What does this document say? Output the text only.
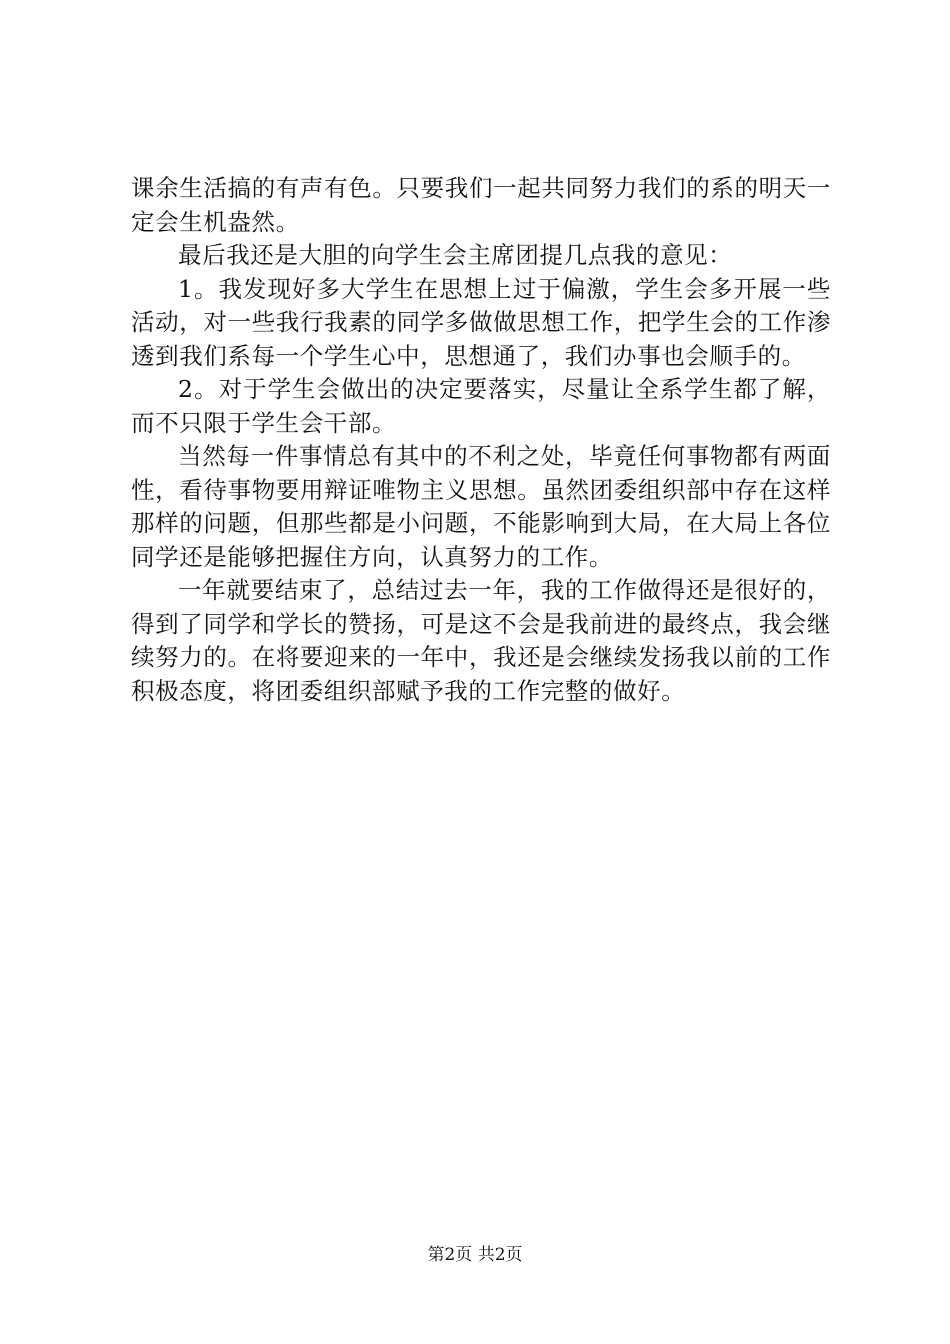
课余生活搞的有声有色。只要我们一起共同努力我们的系的明天一定会生机盎然。

最后我还是大胆的向学生会主席团提几点我的意见：

1。我发现好多大学生在思想上过于偏激，学生会多开展一些活动，对一些我行我素的同学多做做思想工作，把学生会的工作渗透到我们系每一个学生心中，思想通了，我们办事也会顺手的。

2。对于学生会做出的决定要落实，尽量让全系学生都了解，而不只限于学生会干部。

当然每一件事情总有其中的不利之处，毕竟任何事物都有两面性，看待事物要用辩证唯物主义思想。虽然团委组织部中存在这样那样的问题，但那些都是小问题，不能影响到大局，在大局上各位同学还是能够把握住方向，认真努力的工作。

一年就要结束了，总结过去一年，我的工作做得还是很好的，得到了同学和学长的赞扬，可是这不会是我前进的最终点，我会继续努力的。在将要迎来的一年中，我还是会继续发扬我以前的工作积极态度，将团委组织部赋予我的工作完整的做好。

第2页 共2页
